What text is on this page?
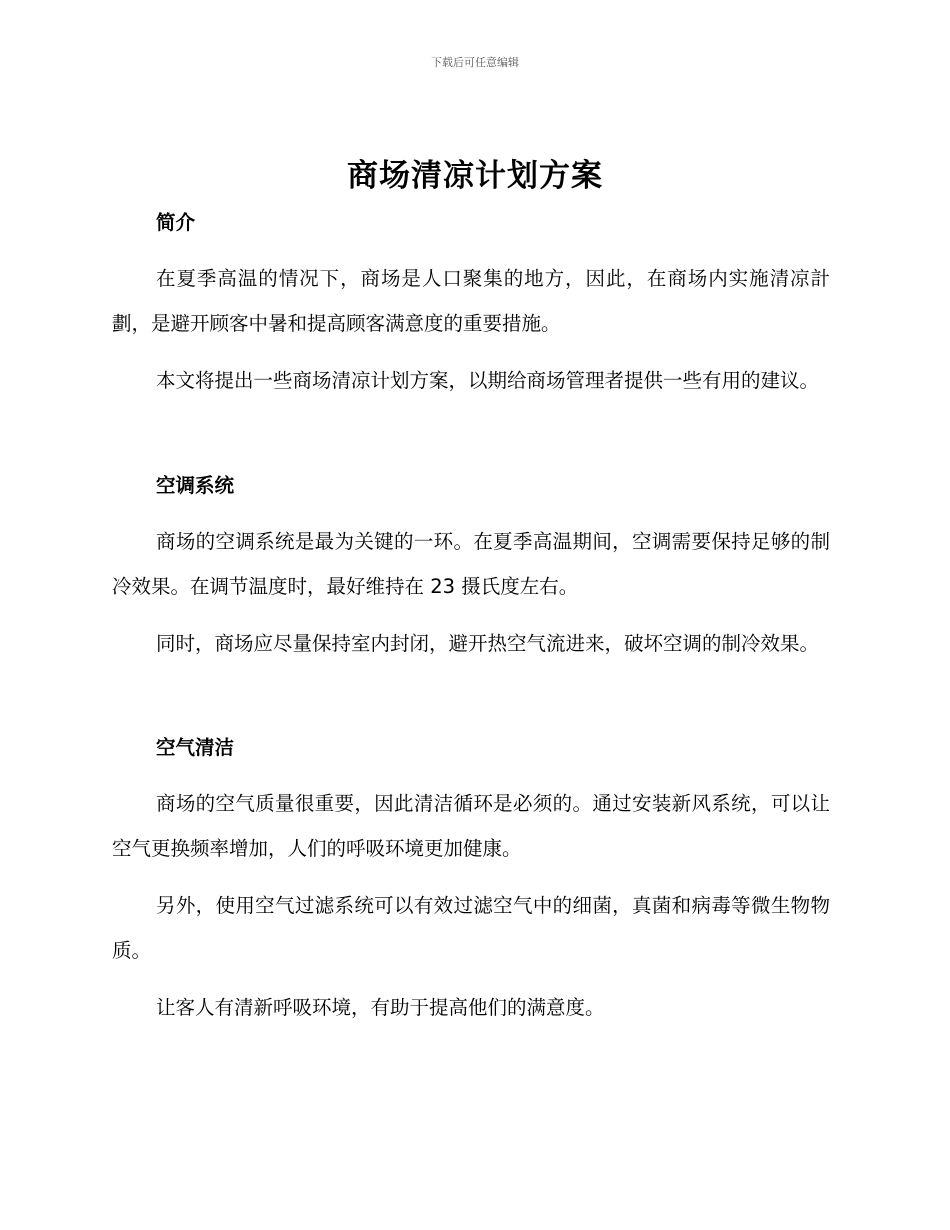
下载后可任意编辑
商场清凉计划方案
简介
在夏季高温的情况下，商场是人口聚集的地方，因此，在商场内实施清凉計劃，是避开顾客中暑和提高顾客满意度的重要措施。
本文将提出一些商场清凉计划方案，以期给商场管理者提供一些有用的建议。
空调系统
商场的空调系统是最为关键的一环。在夏季高温期间，空调需要保持足够的制冷效果。在调节温度时，最好维持在 23 摄氏度左右。
同时，商场应尽量保持室内封闭，避开热空气流进来，破坏空调的制冷效果。
空气清洁
商场的空气质量很重要，因此清洁循环是必须的。通过安装新风系统，可以让空气更换频率增加，人们的呼吸环境更加健康。
另外，使用空气过滤系统可以有效过滤空气中的细菌，真菌和病毒等微生物物质。
让客人有清新呼吸环境，有助于提高他们的满意度。
